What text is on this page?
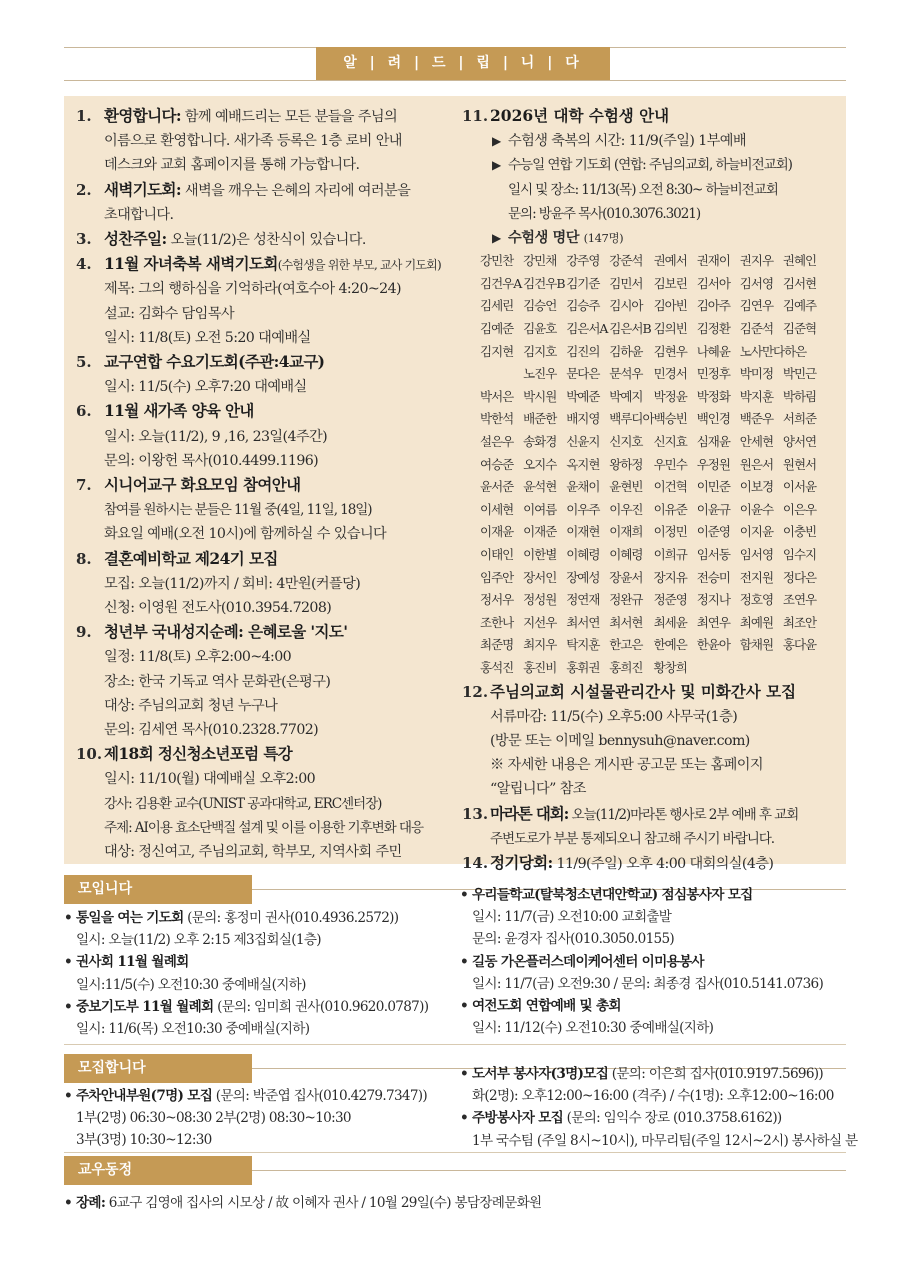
알 | 려 | 드 | 립 | 니 | 다
1. 환영합니다: 함께 예배드리는 모든 분들을 주님의
이름으로 환영합니다. 새가족 등록은 1층 로비 안내
데스크와 교회 홈페이지를 통해 가능합니다.
2. 새벽기도회: 새벽을 깨우는 은혜의 자리에 여러분을
초대합니다.
3. 성찬주일: 오늘(11/2)은 성찬식이 있습니다.
4. 11월 자녀축복 새벽기도회(수험생을 위한 부모, 교사 기도회)
제목: 그의 행하심을 기억하라(여호수아 4:20~24)
설교: 김화수 담임목사
일시: 11/8(토) 오전 5:20 대예배실
5. 교구연합 수요기도회(주관:4교구)
일시: 11/5(수) 오후7:20 대예배실
6. 11월 새가족 양육 안내
일시: 오늘(11/2), 9 ,16, 23일(4주간)
문의: 이왕헌 목사(010.4499.1196)
7. 시니어교구 화요모임 참여안내
참여를 원하시는 분들은 11월 중(4일, 11일, 18일)
화요일 예배(오전 10시)에 함께하실 수 있습니다
8. 결혼예비학교 제24기 모집
모집: 오늘(11/2)까지 / 회비: 4만원(커플당)
신청: 이영원 전도사(010.3954.7208)
9. 청년부 국내성지순례: 은혜로울 '지도'
일정: 11/8(토) 오후2:00~4:00
장소: 한국 기독교 역사 문화관(은평구)
대상: 주님의교회 청년 누구나
문의: 김세연 목사(010.2328.7702)
10. 제18회 정신청소년포럼 특강
일시: 11/10(월) 대예배실 오후2:00
강사: 김용환 교수(UNIST 공과대학교, ERC센터장)
주제: AI이용 효소단백질 설계 및 이를 이용한 기후변화 대응
대상: 정신여고, 주님의교회, 학부모, 지역사회 주민
11. 2026년 대학 수험생 안내
▶ 수험생 축복의 시간: 11/9(주일) 1부예배
▶ 수능일 연합 기도회 (연합: 주님의교회, 하늘비전교회)
일시 및 장소: 11/13(목) 오전 8:30~ 하늘비전교회
문의: 방윤주 목사(010.3076.3021)
▶ 수험생 명단 (147명)
강민찬 강민채 강주영 강준석 권예서 권재이 권지우 권혜인
김건우A 김건우B 김기준 김민서 김보린 김서아 김서영 김서현
김세린 김승언 김승주 김시아 김아빈 김아주 김연우 김예주
김예준 김윤호 김은서A 김은서B 김의빈 김정환 김준석 김준혁
김지현 김지호 김진의 김하윤 김현우 나혜윤 노사만다하은
노진우 문다은 문석우 민경서 민정후 박미정 박민근
박서은 박시원 박예준 박예지 박정윤 박정화 박지훈 박하림
박한석 배준한 배지영 백루디아 백승빈 백인경 백준우 서희준
설은우 송화경 신윤지 신지호 신지효 심재윤 안세현 양서연
여승준 오지수 옥지현 왕하정 우민수 우정원 원은서 원현서
윤서준 윤석현 윤채이 윤현빈 이건혁 이민준 이보경 이서윤
이세현 이여름 이우주 이우진 이유준 이윤규 이윤수 이은우
이재윤 이재준 이재현 이재희 이정민 이준영 이지윤 이충빈
이태인 이한별 이혜령 이혜령 이희규 임서동 임서영 임수지
임주안 장서인 장예성 장윤서 장지유 전승미 전지원 정다은
정서우 정성원 정연재 정완규 정준영 정지나 정호영 조연우
조한나 지선우 최서연 최서현 최세윤 최연우 최예원 최조안
최준명 최지우 탁지훈 한고은 한예은 한윤아 함채원 홍다윤
홍석진 홍진비 홍휘권 홍희진 황창희
12. 주님의교회 시설물관리간사 및 미화간사 모집
서류마감: 11/5(수) 오후5:00 사무국(1층)
(방문 또는 이메일 bennysuh@naver.com)
※ 자세한 내용은 게시판 공고문 또는 홈페이지
“알립니다” 참조
13. 마라톤 대회: 오늘(11/2)마라톤 행사로 2부 예배 후 교회
주변도로가 부분 통제되오니 참고해 주시기 바랍니다.
14. 정기당회: 11/9(주일) 오후 4:00 대회의실(4층)
모입니다
• 통일을 여는 기도회 (문의: 홍정미 권사(010.4936.2572))
일시: 오늘(11/2) 오후 2:15 제3집회실(1층)
• 권사회 11월 월례회
일시:11/5(수) 오전10:30 중예배실(지하)
• 중보기도부 11월 월례회 (문의: 임미희 권사(010.9620.0787))
일시: 11/6(목) 오전10:30 중예배실(지하)
• 우리들학교(탈북청소년대안학교) 점심봉사자 모집
일시: 11/7(금) 오전10:00 교회출발
문의: 윤경자 집사(010.3050.0155)
• 길동 가온플러스데이케어센터 이미용봉사
일시: 11/7(금) 오전9:30 / 문의: 최종경 집사(010.5141.0736)
• 여전도회 연합예배 및 총회
일시: 11/12(수) 오전10:30 중예배실(지하)
모집합니다
• 주차안내부원(7명) 모집 (문의: 박준엽 집사(010.4279.7347))
1부(2명) 06:30~08:30 2부(2명) 08:30~10:30
3부(3명) 10:30~12:30
• 도서부 봉사자(3명)모집 (문의: 이은희 집사(010.9197.5696))
화(2명): 오후12:00~16:00 (격주) / 수(1명): 오후12:00~16:00
• 주방봉사자 모집 (문의: 임익수 장로 (010.3758.6162))
1부 국수팀 (주일 8시~10시), 마무리팀(주일 12시~2시) 봉사하실 분
교우동정
• 장례: 6교구 김영애 집사의 시모상 / 故 이혜자 권사 / 10월 29일(수) 봉담장례문화원
